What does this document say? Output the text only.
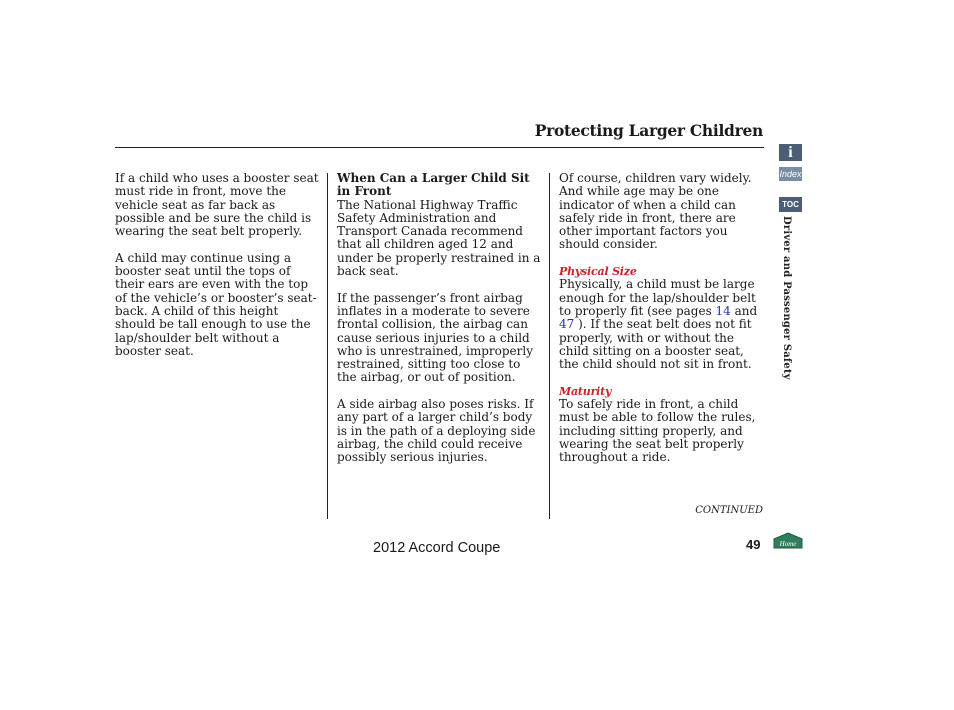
Protecting Larger Children

If a child who uses a booster seat must ride in front, move the vehicle seat as far back as possible and be sure the child is wearing the seat belt properly.

A child may continue using a booster seat until the tops of their ears are even with the top of the vehicle’s or booster’s seat-back. A child of this height should be tall enough to use the lap/shoulder belt without a booster seat.

When Can a Larger Child Sit in Front
The National Highway Traffic Safety Administration and Transport Canada recommend that all children aged 12 and under be properly restrained in a back seat.

If the passenger’s front airbag inflates in a moderate to severe frontal collision, the airbag can cause serious injuries to a child who is unrestrained, improperly restrained, sitting too close to the airbag, or out of position.

A side airbag also poses risks. If any part of a larger child’s body is in the path of a deploying side airbag, the child could receive possibly serious injuries.

Of course, children vary widely. And while age may be one indicator of when a child can safely ride in front, there are other important factors you should consider.

Physical Size
Physically, a child must be large enough for the lap/shoulder belt to properly fit (see pages 14 and 47 ). If the seat belt does not fit properly, with or without the child sitting on a booster seat, the child should not sit in front.

Maturity
To safely ride in front, a child must be able to follow the rules, including sitting properly, and wearing the seat belt properly throughout a ride.

CONTINUED
2012 Accord Coupe	49
i
Index
TOC
Driver and Passenger Safety
Home
